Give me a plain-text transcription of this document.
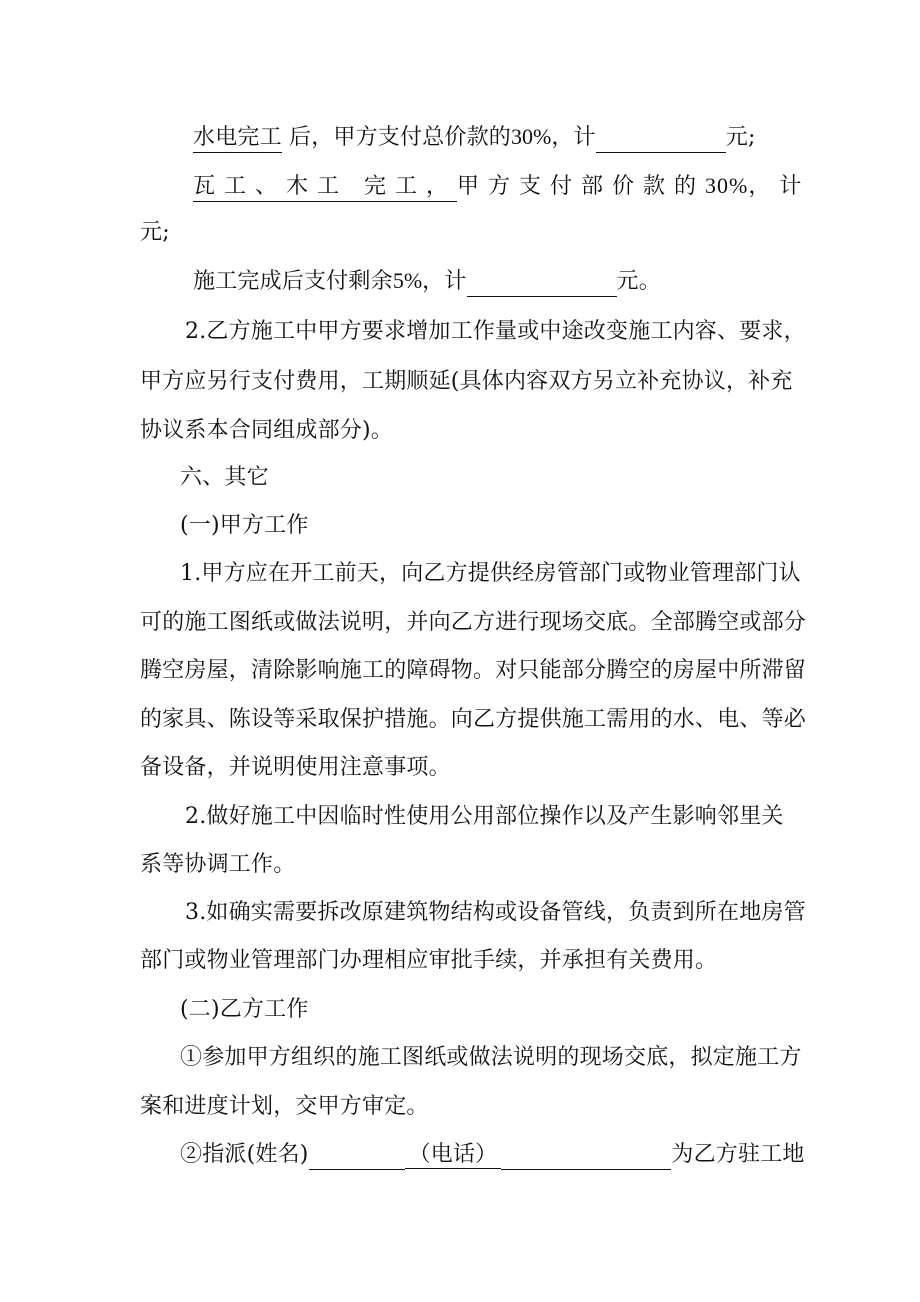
水电完工 后，甲方支付总价款的30%，计	元;
瓦工、木工 完工，甲方支付部价款的30%，计
元;
施工完成后支付剩余5%，计	元。
2.乙方施工中甲方要求增加工作量或中途改变施工内容、要求，
甲方应另行支付费用，工期顺延(具体内容双方另立补充协议，补充
协议系本合同组成部分)。
六、其它
(一)甲方工作
1.甲方应在开工前天，向乙方提供经房管部门或物业管理部门认
可的施工图纸或做法说明，并向乙方进行现场交底。全部腾空或部分
腾空房屋，清除影响施工的障碍物。对只能部分腾空的房屋中所滞留
的家具、陈设等采取保护措施。向乙方提供施工需用的水、电、等必
备设备，并说明使用注意事项。
2.做好施工中因临时性使用公用部位操作以及产生影响邻里关
系等协调工作。
3.如确实需要拆改原建筑物结构或设备管线，负责到所在地房管
部门或物业管理部门办理相应审批手续，并承担有关费用。
(二)乙方工作
①参加甲方组织的施工图纸或做法说明的现场交底，拟定施工方
案和进度计划，交甲方审定。
②指派(姓名)	（电话）	为乙方驻工地
